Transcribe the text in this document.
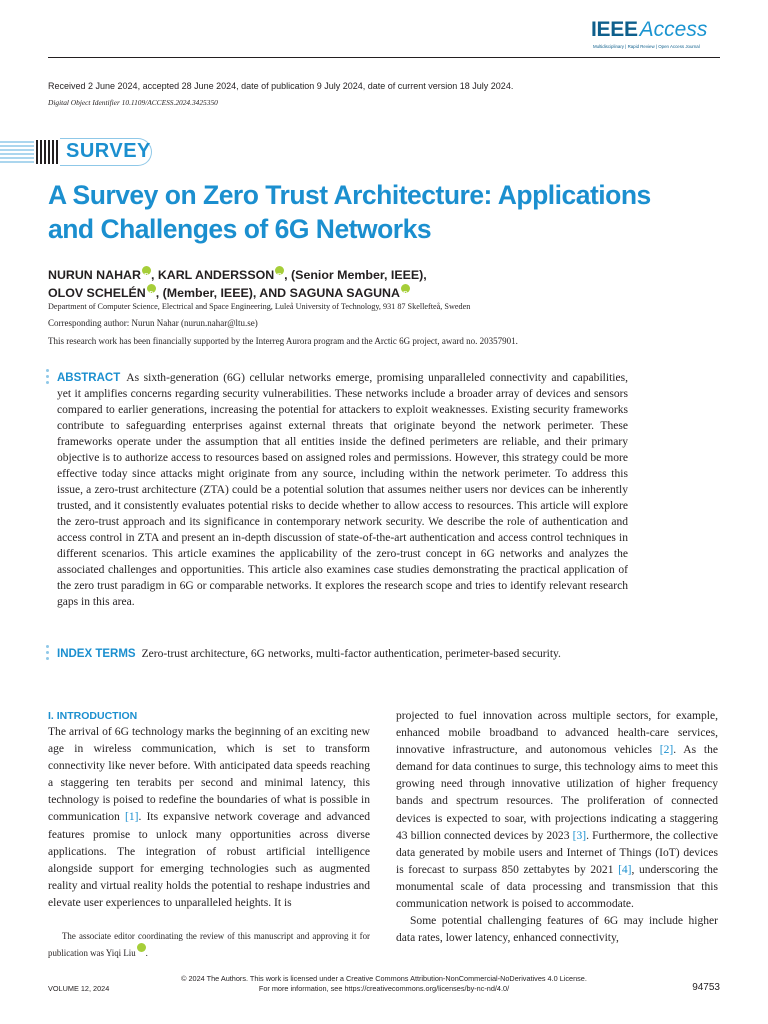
IEEEAccess
Multidisciplinary | Rapid Review | Open Access Journal
Received 2 June 2024, accepted 28 June 2024, date of publication 9 July 2024, date of current version 18 July 2024.
Digital Object Identifier 10.1109/ACCESS.2024.3425350
SURVEY
A Survey on Zero Trust Architecture: Applications
and Challenges of 6G Networks
NURUN NAHAR iD , KARL ANDERSSON iD , (Senior Member, IEEE),
OLOV SCHELÉN iD , (Member, IEEE), AND SAGUNA SAGUNAiD
Department of Computer Science, Electrical and Space Engineering, Luleå University of Technology, 931 87 Skellefteå, Sweden
Corresponding author: Nurun Nahar (nurun.nahar@ltu.se)
This research work has been financially supported by the Interreg Aurora program and the Arctic 6G project, award no. 20357901.
ABSTRACT As sixth-generation (6G) cellular networks emerge, promising unparalleled connectivity and capabilities, yet it amplifies concerns regarding security vulnerabilities. These networks include a broader array of devices and sensors compared to earlier generations, increasing the potential for attackers to exploit weaknesses. Existing security frameworks contribute to safeguarding enterprises against external threats that originate beyond the network perimeter. These frameworks operate under the assumption that all entities inside the defined perimeters are reliable, and their primary objective is to authorize access to resources based on assigned roles and permissions. However, this strategy could be more effective today since attacks might originate from any source, including within the network perimeter. To address this issue, a zero-trust architecture (ZTA) could be a potential solution that assumes neither users nor devices can be inherently trusted, and it consistently evaluates potential risks to decide whether to allow access to resources. This article will explore the zero-trust approach and its significance in contemporary network security. We describe the role of authentication and access control in ZTA and present an in-depth discussion of state-of-the-art authentication and access control techniques in different scenarios. This article examines the applicability of the zero-trust concept in 6G networks and analyzes the associated challenges and opportunities. This article also examines case studies demonstrating the practical application of the zero trust paradigm in 6G or comparable networks. It explores the research scope and tries to identify relevant research gaps in this area.
INDEX TERMS Zero-trust architecture, 6G networks, multi-factor authentication, perimeter-based security.
I. INTRODUCTION

The arrival of 6G technology marks the beginning of an exciting new age in wireless communication, which is set to transform connectivity like never before. With anticipated data speeds reaching a staggering ten terabits per second and minimal latency, this technology is poised to redefine the boundaries of what is possible in communication [1]. Its expansive network coverage and advanced features promise to unlock many opportunities across diverse applications. The integration of robust artificial intelligence alongside support for emerging technologies such as augmented reality and virtual reality holds the potential to reshape industries and elevate user experiences to unparalleled heights. It is

projected to fuel innovation across multiple sectors, for example, enhanced mobile broadband to advanced health-care services, innovative infrastructure, and autonomous vehicles [2]. As the demand for data continues to surge, this technology aims to meet this growing need through innovative utilization of higher frequency bands and spectrum resources. The proliferation of connected devices is expected to soar, with projections indicating a staggering 43 billion connected devices by 2023 [3]. Furthermore, the collective data generated by mobile users and Internet of Things (IoT) devices is forecast to surpass 850 zettabytes by 2021 [4], underscoring the monumental scale of data processing and transmission that this communication network is poised to accommodate.

Some potential challenging features of 6G may include higher data rates, lower latency, enhanced connectivity,

The associate editor coordinating the review of this manuscript and approving it for publication was Yiqi LiuiD
© 2024 The Authors. This work is licensed under a Creative Commons Attribution-NonCommercial-NoDerivatives 4.0 License.
For more information, see https://creativecommons.org/licenses/by-nc-nd/4.0/
VOLUME 12, 2024	94753
